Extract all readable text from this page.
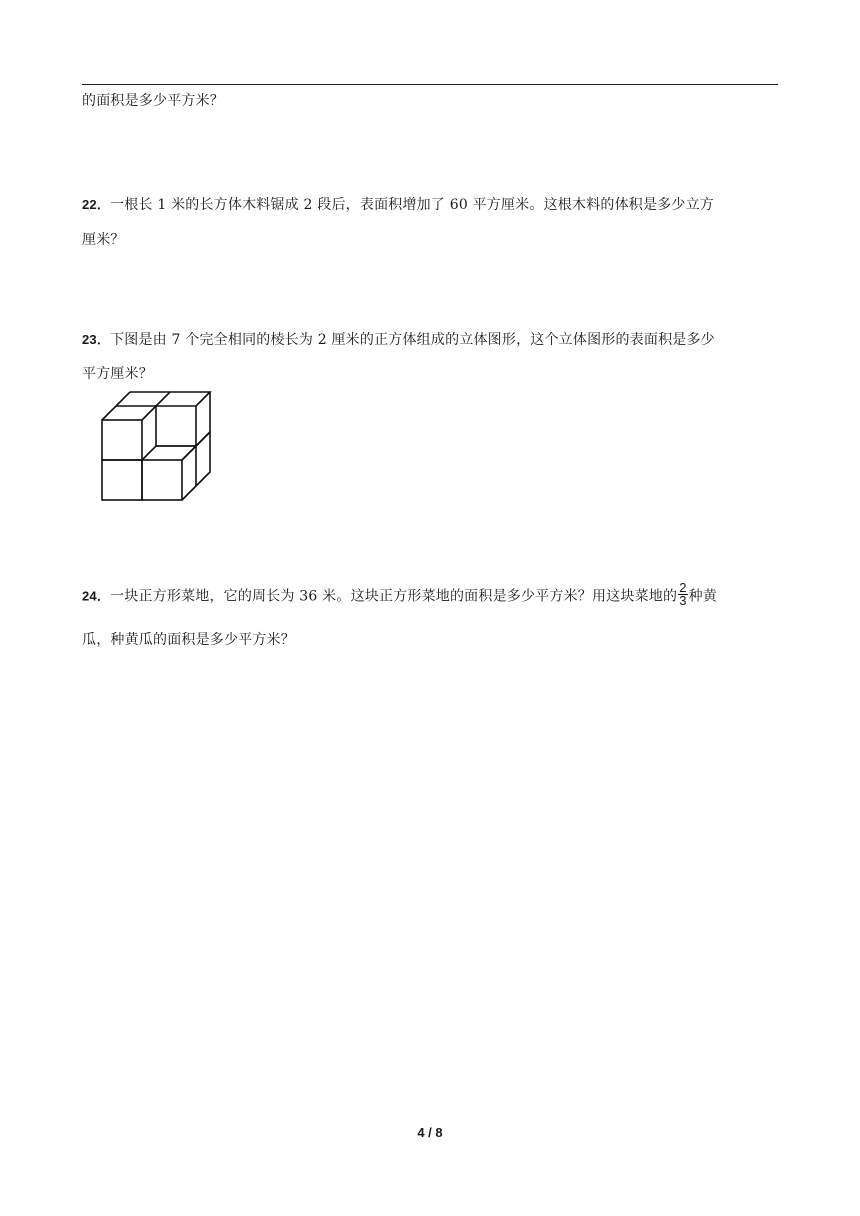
的面积是多少平方米？
22．一根长 1 米的长方体木料锯成 2 段后，表面积增加了 60 平方厘米。这根木料的体积是多少立方
厘米？
23．下图是由 7 个完全相同的棱长为 2 厘米的正方体组成的立体图形，这个立体图形的表面积是多少
平方厘米？
24．一块正方形菜地，它的周长为 36 米。这块正方形菜地的面积是多少平方米？用这块菜地的 $\frac{2}{3}$ 种黄
瓜，种黄瓜的面积是多少平方米？
4 / 8
